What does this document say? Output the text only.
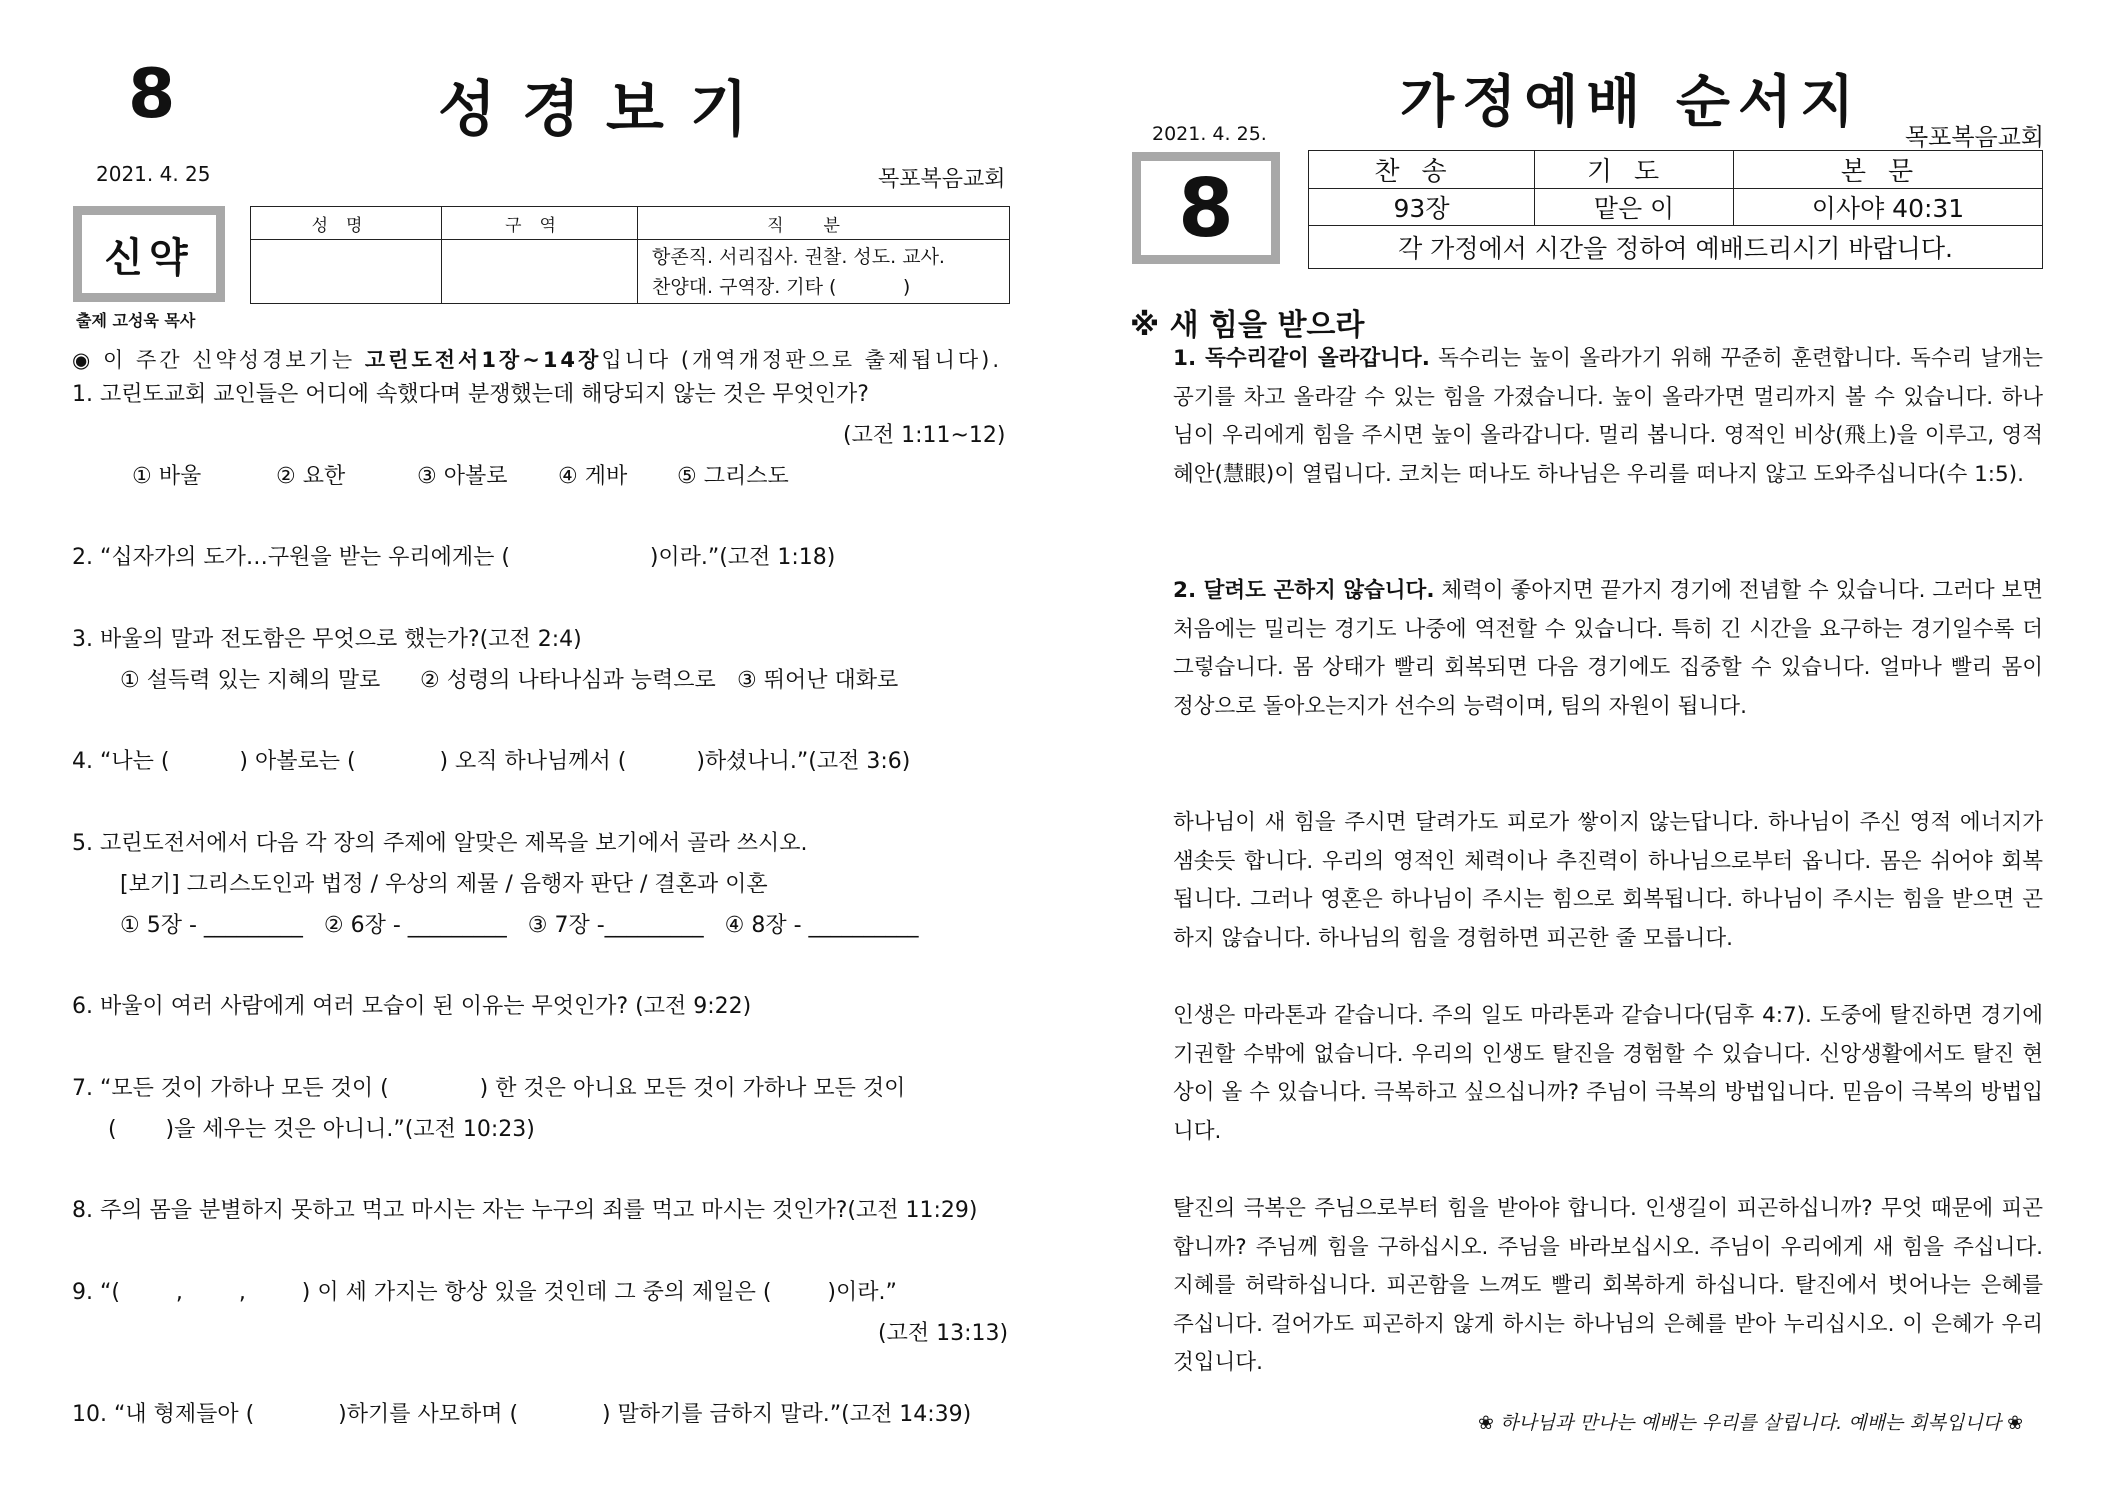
8	성경보기
2021. 4. 25	목포복음교회
신약
출제 고성욱 목사
성명	구역	직분

		항존직. 서리집사. 권찰. 성도. 교사.
찬양대. 구역장. 기타 (           )
◉ 이 주간 신약성경보기는 고린도전서1장~14장입니다 (개역개정판으로 출제됩니다).
1. 고린도교회 교인들은 어디에 속했다며 분쟁했는데 해당되지 않는 것은 무엇인가?
(고전 1:11~12)
① 바울	② 요한	③ 아볼로 ④ 게바 ⑤ 그리스도
2. “십자가의 도가…구원을 받는 우리에게는 (                    )이라.”(고전 1:18)
3. 바울의 말과 전도함은 무엇으로 했는가?(고전 2:4)
① 설득력 있는 지혜의 말로 ② 성령의 나타나심과 능력으로 ③ 뛰어난 대화로
4. “나는 (          ) 아볼로는 (            ) 오직 하나님께서 (          )하셨나니.”(고전 3:6)
5. 고린도전서에서 다음 각 장의 주제에 알맞은 제목을 보기에서 골라 쓰시오.
[보기] 그리스도인과 법정 / 우상의 제물 / 음행자 판단 / 결혼과 이혼
① 5장 - _________   ② 6장 - _________   ③ 7장 -_________   ④ 8장 - __________
6. 바울이 여러 사람에게 여러 모습이 된 이유는 무엇인가? (고전 9:22)
7. “모든 것이 가하나 모든 것이 (             ) 한 것은 아니요 모든 것이 가하나 모든 것이
(       )을 세우는 것은 아니니.”(고전 10:23)
8. 주의 몸을 분별하지 못하고 먹고 마시는 자는 누구의 죄를 먹고 마시는 것인가?(고전 11:29)
9. “(        ,        ,        ) 이 세 가지는 항상 있을 것인데 그 중의 제일은 (        )이라.”
(고전 13:13)
10. “내 형제들아 (            )하기를 사모하며 (            ) 말하기를 금하지 말라.”(고전 14:39)
가정예배 순서지
2021. 4. 25.	목포복음교회
8	찬송	기도	본문
93장	맡은 이	이사야 40:31
각 가정에서 시간을 정하여 예배드리시기 바랍니다.		
※ 새 힘을 받으라
1. 독수리같이 올라갑니다. 독수리는 높이 올라가기 위해 꾸준히 훈련합니다. 독수리 날개는 공기를 차고 올라갈 수 있는 힘을 가졌습니다. 높이 올라가면 멀리까지 볼 수 있습니다. 하나님이 우리에게 힘을 주시면 높이 올라갑니다. 멀리 봅니다. 영적인 비상(飛上)을 이루고, 영적 혜안(慧眼)이 열립니다. 코치는 떠나도 하나님은 우리를 떠나지 않고 도와주십니다(수 1:5).
2. 달려도 곤하지 않습니다. 체력이 좋아지면 끝가지 경기에 전념할 수 있습니다. 그러다 보면 처음에는 밀리는 경기도 나중에 역전할 수 있습니다. 특히 긴 시간을 요구하는 경기일수록 더 그렇습니다. 몸 상태가 빨리 회복되면 다음 경기에도 집중할 수 있습니다. 얼마나 빨리 몸이 정상으로 돌아오는지가 선수의 능력이며, 팀의 자원이 됩니다.
하나님이 새 힘을 주시면 달려가도 피로가 쌓이지 않는답니다. 하나님이 주신 영적 에너지가 샘솟듯 합니다. 우리의 영적인 체력이나 추진력이 하나님으로부터 옵니다. 몸은 쉬어야 회복됩니다. 그러나 영혼은 하나님이 주시는 힘으로 회복됩니다. 하나님이 주시는 힘을 받으면 곤하지 않습니다. 하나님의 힘을 경험하면 피곤한 줄 모릅니다.
인생은 마라톤과 같습니다. 주의 일도 마라톤과 같습니다(딤후 4:7). 도중에 탈진하면 경기에 기권할 수밖에 없습니다. 우리의 인생도 탈진을 경험할 수 있습니다. 신앙생활에서도 탈진 현상이 올 수 있습니다. 극복하고 싶으십니까? 주님이 극복의 방법입니다. 믿음이 극복의 방법입니다.
탈진의 극복은 주님으로부터 힘을 받아야 합니다. 인생길이 피곤하십니까? 무엇 때문에 피곤합니까? 주님께 힘을 구하십시오. 주님을 바라보십시오. 주님이 우리에게 새 힘을 주십니다. 지혜를 허락하십니다. 피곤함을 느껴도 빨리 회복하게 하십니다. 탈진에서 벗어나는 은혜를 주십니다. 걸어가도 피곤하지 않게 하시는 하나님의 은혜를 받아 누리십시오. 이 은혜가 우리 것입니다.
❀ 하나님과 만나는 예배는 우리를 살립니다. 예배는 회복입니다 ❀
